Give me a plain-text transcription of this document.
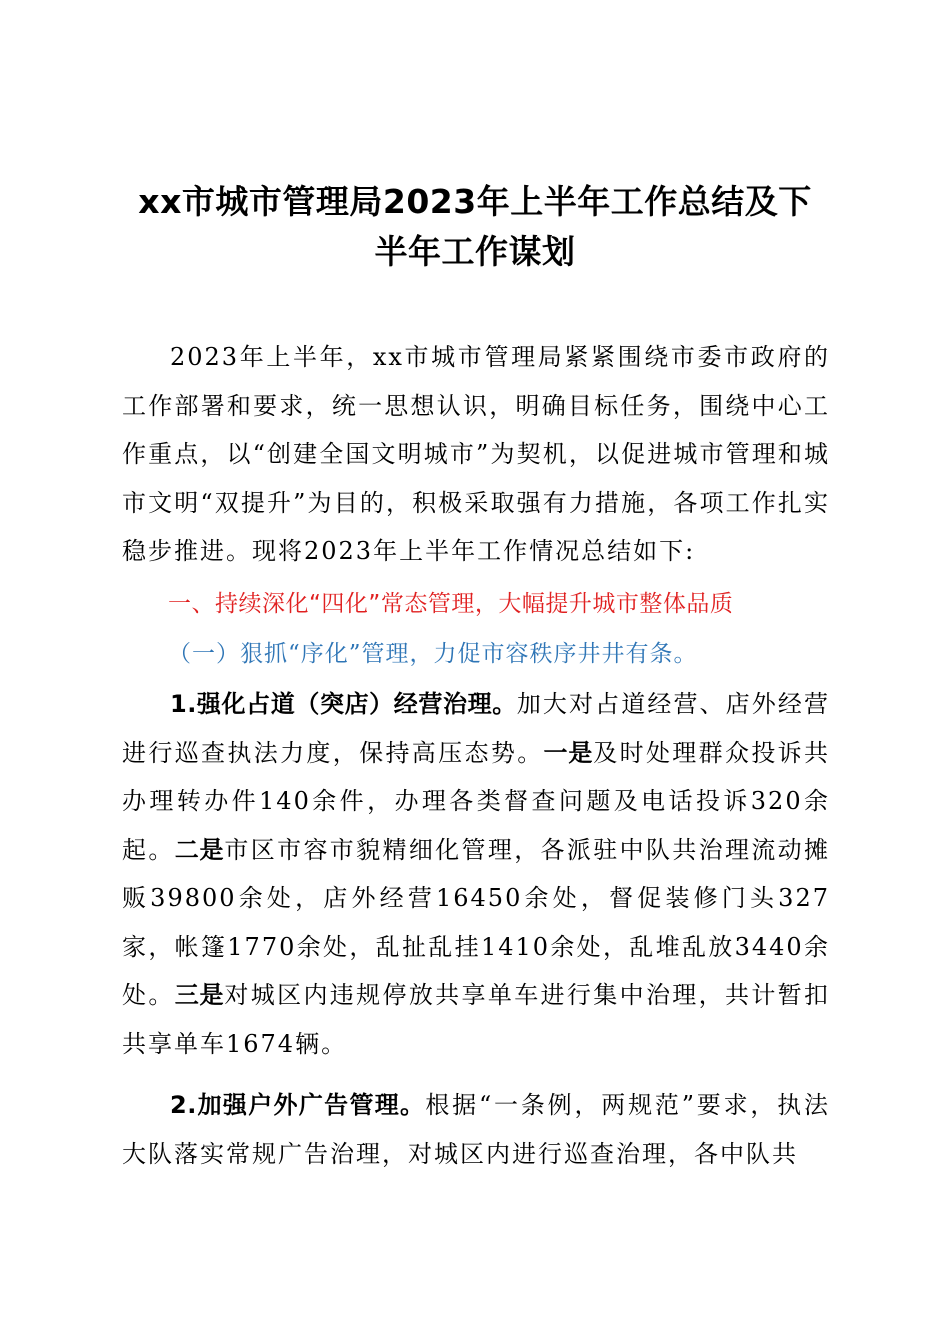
xx市城市管理局2023年上半年工作总结及下
半年工作谋划

2023年上半年，xx市城市管理局紧紧围绕市委市政府的工作部署和要求，统一思想认识，明确目标任务，围绕中心工作重点，以“创建全国文明城市”为契机，以促进城市管理和城市文明“双提升”为目的，积极采取强有力措施，各项工作扎实稳步推进。现将2023年上半年工作情况总结如下:

一、持续深化“四化”常态管理，大幅提升城市整体品质
（一）狠抓“序化”管理，力促市容秩序井井有条。

1.强化占道（突店）经营治理。加大对占道经营、店外经营进行巡查执法力度，保持高压态势。一是及时处理群众投诉共办理转办件140余件，办理各类督查问题及电话投诉320余起。二是市区市容市貌精细化管理，各派驻中队共治理流动摊贩39800余处，店外经营16450余处，督促装修门头327家，帐篷1770余处，乱扯乱挂1410余处，乱堆乱放3440余处。三是对城区内违规停放共享单车进行集中治理，共计暂扣共享单车1674辆。

2.加强户外广告管理。根据“一条例，两规范”要求，执法大队落实常规广告治理，对城区内进行巡查治理，各中队共
